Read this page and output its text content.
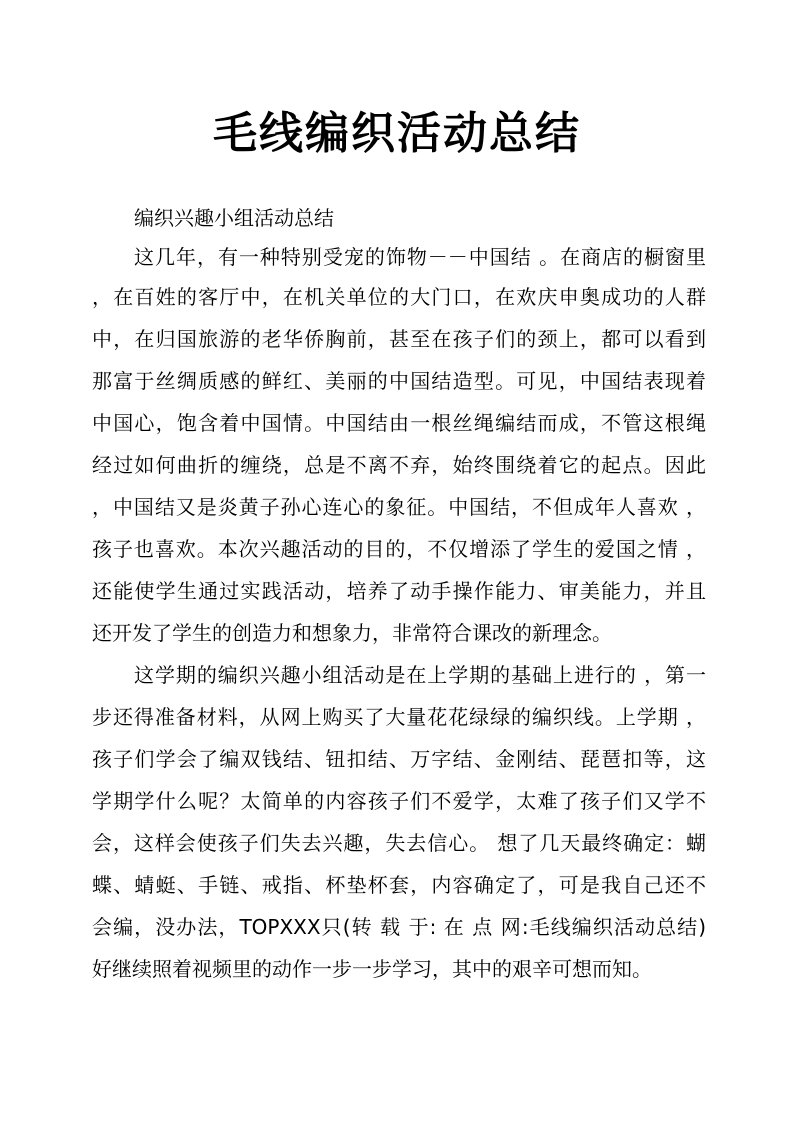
毛线编织活动总结

编织兴趣小组活动总结

这几年，有一种特别受宠的饰物－－中国结 。在商店的橱窗里

，在百姓的客厅中，在机关单位的大门口，在欢庆申奥成功的人群

中，在归国旅游的老华侨胸前，甚至在孩子们的颈上，都可以看到

那富于丝绸质感的鲜红、美丽的中国结造型。可见，中国结表现着

中国心，饱含着中国情。中国结由一根丝绳编结而成，不管这根绳

经过如何曲折的缠绕，总是不离不弃，始终围绕着它的起点。因此

，中国结又是炎黄子孙心连心的象征。中国结，不但成年人喜欢 ，

孩子也喜欢。本次兴趣活动的目的，不仅增添了学生的爱国之情 ，

还能使学生通过实践活动，培养了动手操作能力、审美能力，并且

还开发了学生的创造力和想象力，非常符合课改的新理念。

这学期的编织兴趣小组活动是在上学期的基础上进行的 ，第一

步还得准备材料，从网上购买了大量花花绿绿的编织线。上学期 ，

孩子们学会了编双钱结、钮扣结、万字结、金刚结、琵琶扣等，这

学期学什么呢？太简单的内容孩子们不爱学，太难了孩子们又学不

会，这样会使孩子们失去兴趣，失去信心。 想了几天最终确定：蝴

蝶、蜻蜓、手链、戒指、杯垫杯套，内容确定了，可是我自己还不

会编，没办法，TOPXXX只(转 载 于: 在 点 网:毛线编织活动总结)

好继续照着视频里的动作一步一步学习，其中的艰辛可想而知。
